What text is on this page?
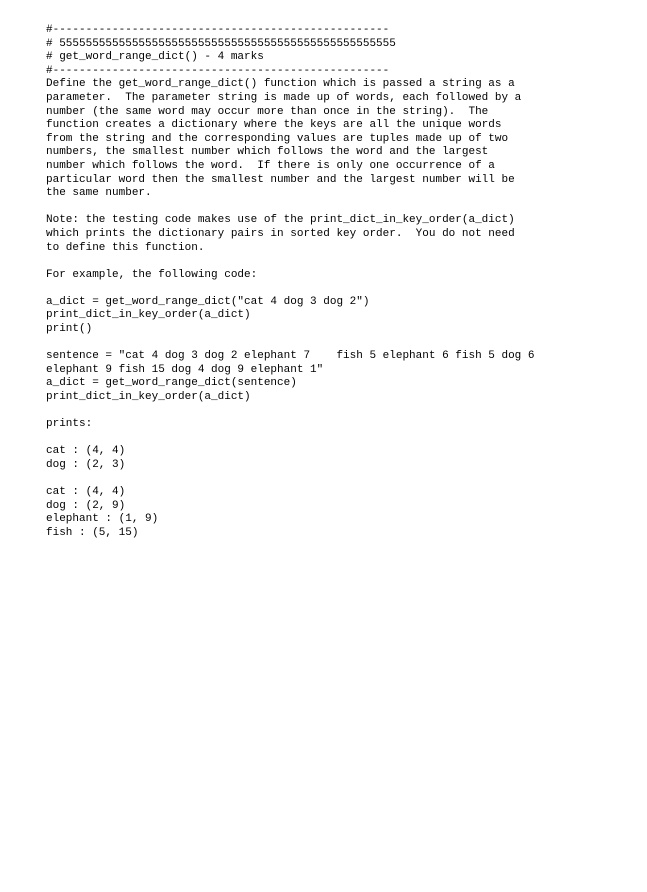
#---------------------------------------------------
# 555555555555555555555555555555555555555555555555555
# get_word_range_dict() - 4 marks
#---------------------------------------------------
Define the get_word_range_dict() function which is passed a string as a
parameter.  The parameter string is made up of words, each followed by a
number (the same word may occur more than once in the string).  The
function creates a dictionary where the keys are all the unique words
from the string and the corresponding values are tuples made up of two
numbers, the smallest number which follows the word and the largest
number which follows the word.  If there is only one occurrence of a
particular word then the smallest number and the largest number will be
the same number.
Note: the testing code makes use of the print_dict_in_key_order(a_dict)
which prints the dictionary pairs in sorted key order.  You do not need
to define this function.
For example, the following code:
a_dict = get_word_range_dict("cat 4 dog 3 dog 2")
print_dict_in_key_order(a_dict)
print()
sentence = "cat 4 dog 3 dog 2 elephant 7    fish 5 elephant 6 fish 5 dog 6
elephant 9 fish 15 dog 4 dog 9 elephant 1"
a_dict = get_word_range_dict(sentence)
print_dict_in_key_order(a_dict)
prints:
cat : (4, 4)
dog : (2, 3)
cat : (4, 4)
dog : (2, 9)
elephant : (1, 9)
fish : (5, 15)
